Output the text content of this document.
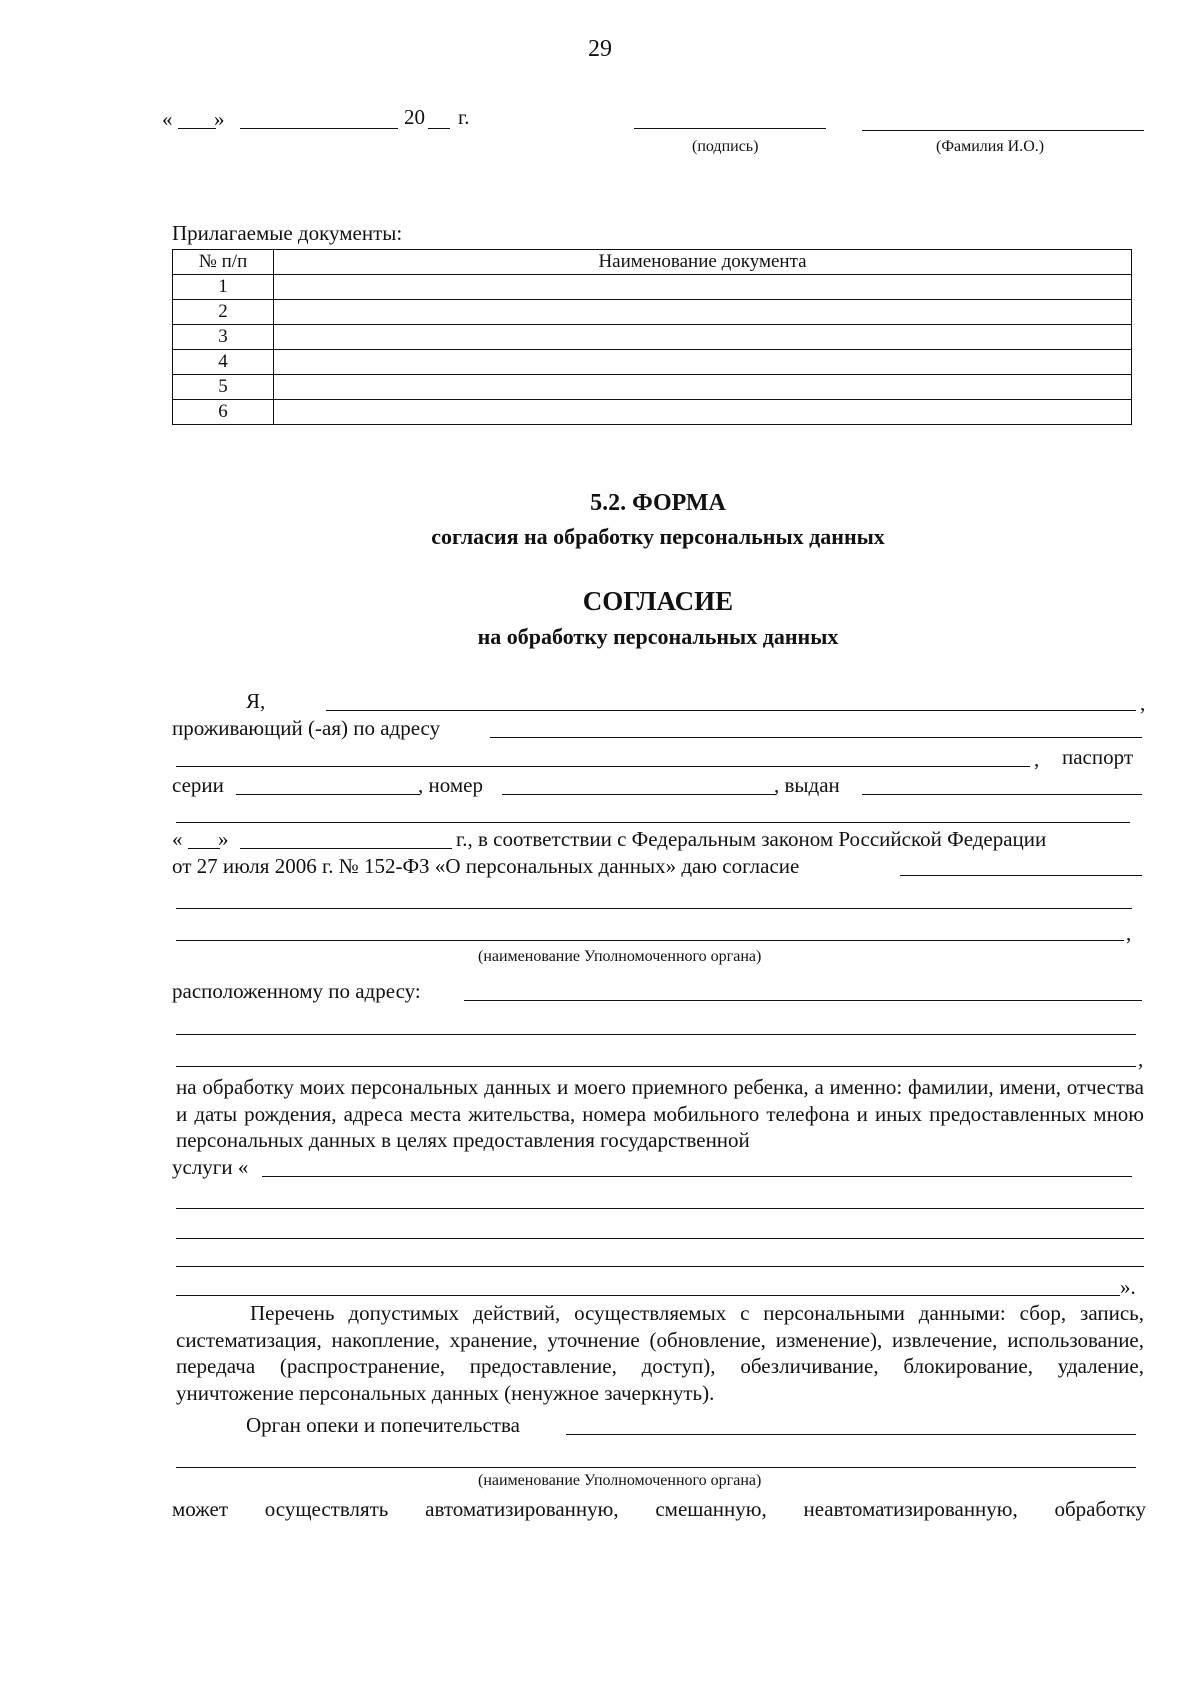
29
« »	20 г.
(подпись)	(Фамилия И.О.)
Прилагаемые документы:
№ п/п	Наименование документа
1	
2	
3	
4	
5	
6	
5.2. ФОРМА
согласия на обработку персональных данных
СОГЛАСИЕ
на обработку персональных данных
Я,	,
проживающий (-ая) по адресу
, паспорт
серии	, номер	, выдан
« »	г., в соответствии с Федеральным законом Российской Федерации
от 27 июля 2006 г. № 152-ФЗ «О персональных данных» даю согласие
,
(наименование Уполномоченного органа)
расположенному по адресу:
,
на обработку моих персональных данных и моего приемного ребенка, а именно: фамилии, имени, отчества и даты рождения, адреса места жительства, номера мобильного телефона и иных предоставленных мною персональных данных в целях предоставления государственной
услуги «
».
Перечень допустимых действий, осуществляемых с персональными данными: сбор, запись, систематизация, накопление, хранение, уточнение (обновление, изменение), извлечение, использование, передача (распространение, предоставление, доступ), обезличивание, блокирование, удаление, уничтожение персональных данных (ненужное зачеркнуть).
Орган опеки и попечительства
(наименование Уполномоченного органа)
может осуществлять автоматизированную, смешанную, неавтоматизированную, обработку
